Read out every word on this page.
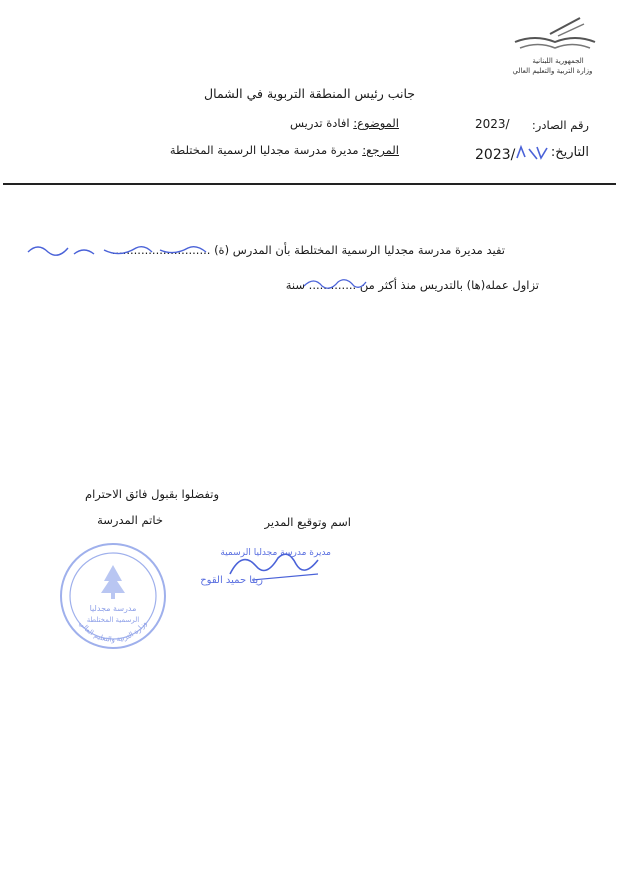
الجمهورية اللبنانية
وزارة التربية والتعليم العالي
جانب رئيس المنطقة التربوية في الشمال
رقم الصادر:
2023/
الموضوع: افادة تدريس
التاريخ:
2023/
المرجع: مديرة مدرسة مجدليا الرسمية المختلطة
تفيد مديرة مدرسة مجدليا الرسمية المختلطة بأن المدرس (ة) ...........................
تزاول عمله(ها) بالتدريس منذ أكثر من ............. سنة
وتفضلوا بقبول فائق الاحترام
اسم وتوقيع المدير
خاتم المدرسة
مديرة مدرسة مجدليا الرسمية
ريتا حميد القوح
مدرسة مجدليا
الرسمية المختلطة
وزارة التربية والتعليم العالي
